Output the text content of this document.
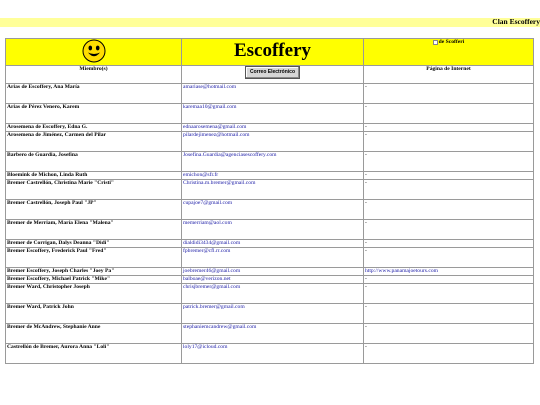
Clan Escoffery
	Escoffery	de Scofferi

Miembro(s)	Correo Electrónico	Página de Internet
Arias de Escoffery, Ana María	amariase@hotmail.com	-
Arias de Pérez Venero, Karem	karemaa10@gmail.com	-
Arosemena de Escoffery, Edna G.	ednaarosemena@gmail.com	-
Arosemena de Jiménez, Carmen del Pilar	pilardejimenez@hotmail.com	-
Barbero de Guardia, Josefina	Josefina.Guardia@agenciasescoffery.com	-
Bloemink de Michon, Linda Ruth	emichon@sfr.fr	-
Bremer Castrellón, Christina Marie "Cristi"	Christina.m.bremer@gmail.com	-
Bremer Castrellón, Joseph Paul "JP"	cupajoe7@gmail.com	-
Bremer de Merriam, María Elena "Malena"	memerriam@aol.com	-
Bremer de Corrigan, Dalys Deanna "Didi"	dialdidi3434@gmail.com	-
Bremer Escoffery, Frederick Paul "Fred"	fpbremer@cfl.rr.com	-
Bremer Escoffery, Joseph Charles "Joey Pa"	joebremer46@gmail.com	http://www.panamajoetours.com
Bremer Escoffery, Michael Patrick "Mike"	balboae@verizon.net	-
Bremer Ward, Christopher Joseph	chrisjbremer@gmail.com	-
Bremer Ward, Patrick John	patrick.bremer@gmail.com	-
Bremer de McAndrew, Stephanie Anne	stephaniemcandrew@gmail.com	-
Castrellón de Bremer, Aurora Anna "Loli"	loly17@icloud.com	-
